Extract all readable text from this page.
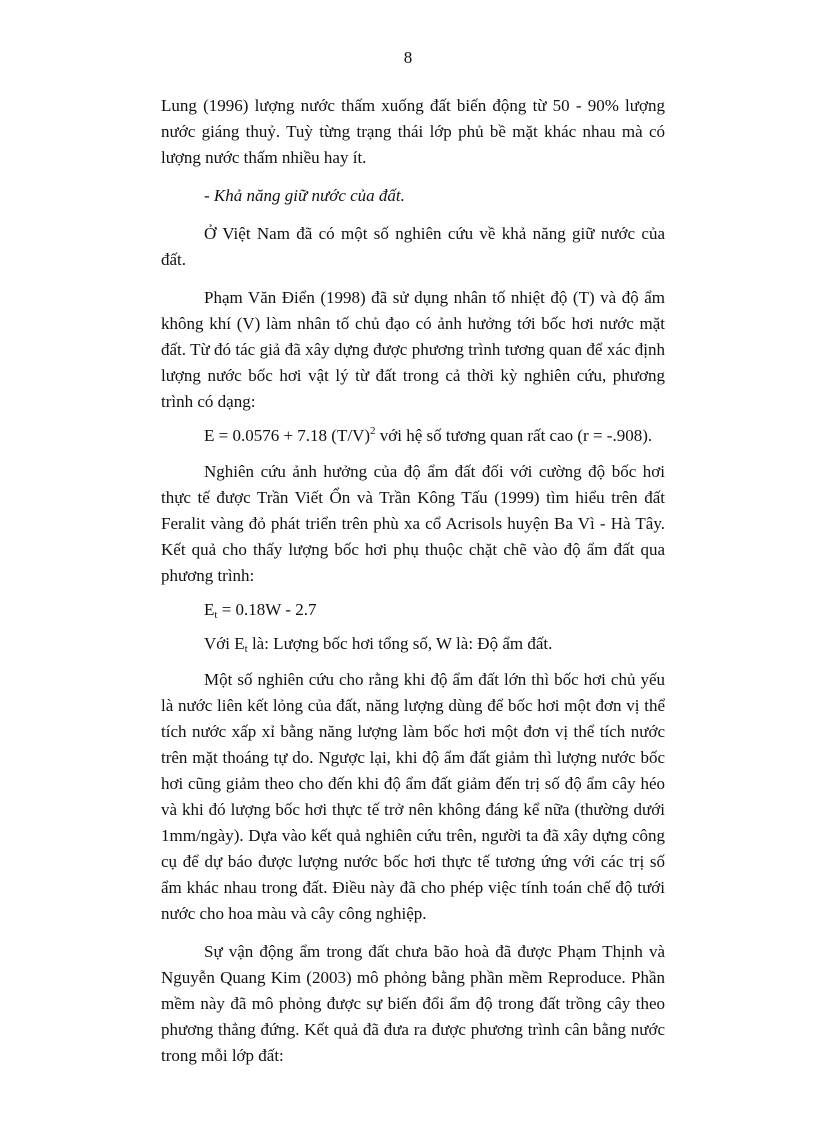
8

Lung (1996) lượng nước thấm xuống đất biến động từ 50 - 90% lượng nước giáng thuỷ. Tuỳ từng trạng thái lớp phủ bề mặt khác nhau mà có lượng nước thấm nhiều hay ít.

- Khả năng giữ nước của đất.

Ở Việt Nam đã có một số nghiên cứu về khả năng giữ nước của đất.

Phạm Văn Điển (1998) đã sử dụng nhân tố nhiệt độ (T) và độ ẩm không khí (V) làm nhân tố chủ đạo có ảnh hưởng tới bốc hơi nước mặt đất. Từ đó tác giả đã xây dựng được phương trình tương quan để xác định lượng nước bốc hơi vật lý từ đất trong cả thời kỳ nghiên cứu, phương trình có dạng:

E = 0.0576 + 7.18 $(T/V)^2$ với hệ số tương quan rất cao (r = -.908).

Nghiên cứu ảnh hưởng của độ ẩm đất đối với cường độ bốc hơi thực tế được Trần Viết Ổn và Trần Kông Tấu (1999) tìm hiểu trên đất Feralit vàng đỏ phát triển trên phù xa cổ Acrisols huyện Ba Vì - Hà Tây. Kết quả cho thấy lượng bốc hơi phụ thuộc chặt chẽ vào độ ẩm đất qua phương trình:

$E_t = 0.18W - 2.7$

Với $E_t$ là: Lượng bốc hơi tổng số, W là: Độ ẩm đất.

Một số nghiên cứu cho rằng khi độ ẩm đất lớn thì bốc hơi chủ yếu là nước liên kết lỏng của đất, năng lượng dùng để bốc hơi một đơn vị thể tích nước xấp xỉ bằng năng lượng làm bốc hơi một đơn vị thể tích nước trên mặt thoáng tự do. Ngược lại, khi độ ẩm đất giảm thì lượng nước bốc hơi cũng giảm theo cho đến khi độ ẩm đất giảm đến trị số độ ẩm cây héo và khi đó lượng bốc hơi thực tế trở nên không đáng kể nữa (thường dưới 1mm/ngày). Dựa vào kết quả nghiên cứu trên, người ta đã xây dựng công cụ để dự báo được lượng nước bốc hơi thực tế tương ứng với các trị số ẩm khác nhau trong đất. Điều này đã cho phép việc tính toán chế độ tưới nước cho hoa màu và cây công nghiệp.

Sự vận động ẩm trong đất chưa bão hoà đã được Phạm Thịnh và Nguyễn Quang Kim (2003) mô phỏng bằng phần mềm Reproduce. Phần mềm này đã mô phỏng được sự biến đổi ẩm độ trong đất trồng cây theo phương thẳng đứng. Kết quả đã đưa ra được phương trình cân bằng nước trong mỗi lớp đất:
